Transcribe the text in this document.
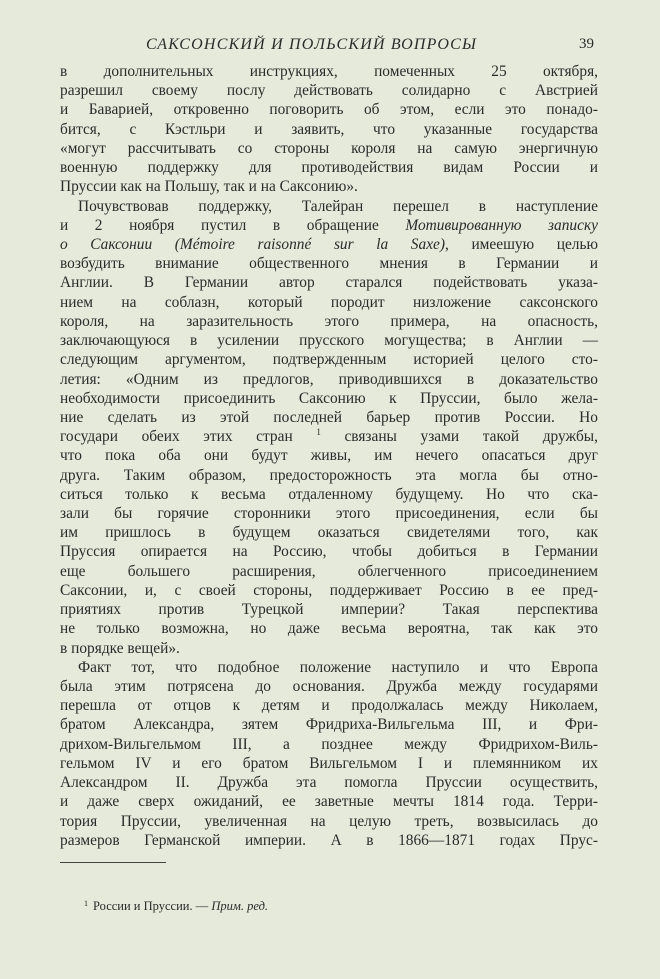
САКСОНСКИЙ И ПОЛЬСКИЙ ВОПРОСЫ	39
в дополнительных инструкциях, помеченных 25 октября,
разрешил своему послу действовать солидарно с Австрией
и Баварией, откровенно поговорить об этом, если это понадо-
бится, с Кэстльри и заявить, что указанные государства
«могут рассчитывать со стороны короля на самую энергичную
военную поддержку для противодействия видам России и
Пруссии как на Польшу, так и на Саксонию».
Почувствовав поддержку, Талейран перешел в наступление
и 2 ноября пустил в обращение Мотивированную записку
о Саксонии (Mémoire raisonné sur la Saxe), имеешую целью
возбудить внимание общественного мнения в Германии и
Англии. В Германии автор старался подействовать указа-
нием на соблазн, который породит низложение саксонского
короля, на заразительность этого примера, на опасность,
заключающуюся в усилении прусского могущества; в Англии —
следующим аргументом, подтвержденным историей целого сто-
летия: «Одним из предлогов, приводившихся в доказательство
необходимости присоединить Саксонию к Пруссии, было жела-
ние сделать из этой последней барьер против России. Но
государи обеих этих стран $^1$ связаны узами такой дружбы,
что пока оба они будут живы, им нечего опасаться друг
друга. Таким образом, предосторожность эта могла бы отно-
ситься только к весьма отдаленному будущему. Но что ска-
зали бы горячие сторонники этого присоединения, если бы
им пришлось в будущем оказаться свидетелями того, как
Пруссия опирается на Россию, чтобы добиться в Германии
еще большего расширения, облегченного присоединением
Саксонии, и, с своей стороны, поддерживает Россию в ее пред-
приятиях против Турецкой империи? Такая перспектива
не только возможна, но даже весьма вероятна, так как это
в порядке вещей».
Факт тот, что подобное положение наступило и что Европа
была этим потрясена до основания. Дружба между государями
перешла от отцов к детям и продолжалась между Николаем,
братом Александра, зятем Фридриха-Вильгельма III, и Фри-
дрихом-Вильгельмом III, а позднее между Фридрихом-Виль-
гельмом IV и его братом Вильгельмом I и племянником их
Александром II. Дружба эта помогла Пруссии осуществить,
и даже сверх ожиданий, ее заветные мечты 1814 года. Терри-
тория Пруссии, увеличенная на целую треть, возвысилась до
размеров Германской империи. А в 1866—1871 годах Прус-
$^1$ России и Пруссии. — Прим. ред.
